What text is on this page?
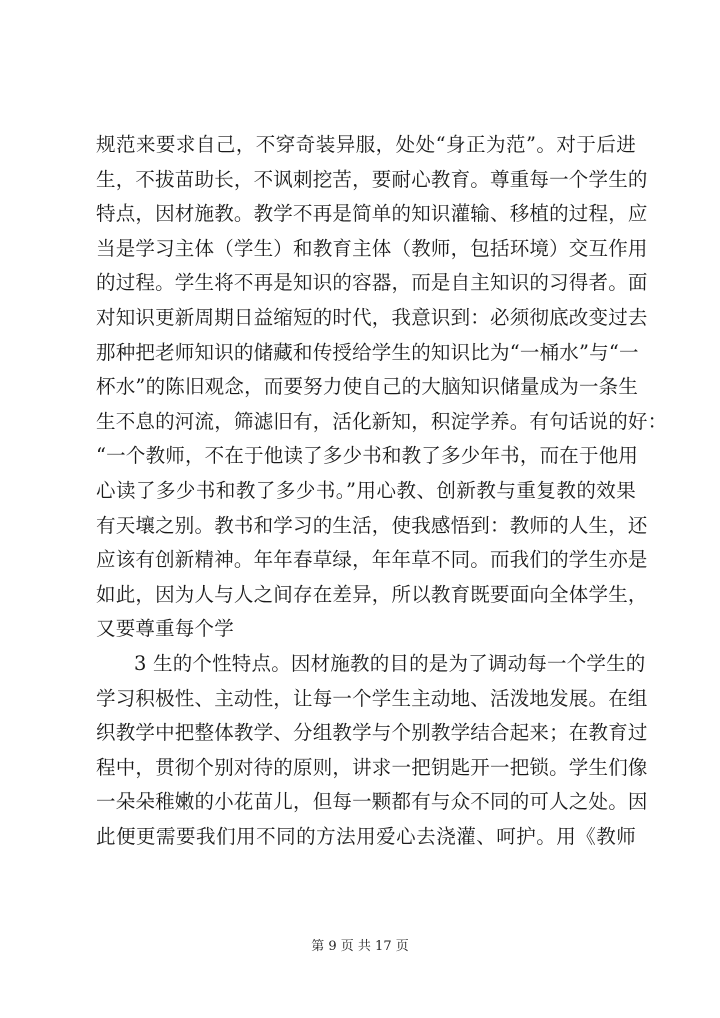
规范来要求自己，不穿奇装异服，处处“身正为范”。对于后进
生，不拔苗助长，不讽刺挖苦，要耐心教育。尊重每一个学生的
特点，因材施教。教学不再是简单的知识灌输、移植的过程，应
当是学习主体（学生）和教育主体（教师，包括环境）交互作用
的过程。学生将不再是知识的容器，而是自主知识的习得者。面
对知识更新周期日益缩短的时代，我意识到：必须彻底改变过去
那种把老师知识的储藏和传授给学生的知识比为“一桶水”与“一
杯水”的陈旧观念，而要努力使自己的大脑知识储量成为一条生
生不息的河流，筛滤旧有，活化新知，积淀学养。有句话说的好：
“一个教师，不在于他读了多少书和教了多少年书，而在于他用
心读了多少书和教了多少书。”用心教、创新教与重复教的效果
有天壤之别。教书和学习的生活，使我感悟到：教师的人生，还
应该有创新精神。年年春草绿，年年草不同。而我们的学生亦是
如此，因为人与人之间存在差异，所以教育既要面向全体学生，
又要尊重每个学
3 生的个性特点。因材施教的目的是为了调动每一个学生的
学习积极性、主动性，让每一个学生主动地、活泼地发展。在组
织教学中把整体教学、分组教学与个别教学结合起来；在教育过
程中，贯彻个别对待的原则，讲求一把钥匙开一把锁。学生们像
一朵朵稚嫩的小花苗儿，但每一颗都有与众不同的可人之处。因
此便更需要我们用不同的方法用爱心去浇灌、呵护。用《教师
第 9 页 共 17 页
